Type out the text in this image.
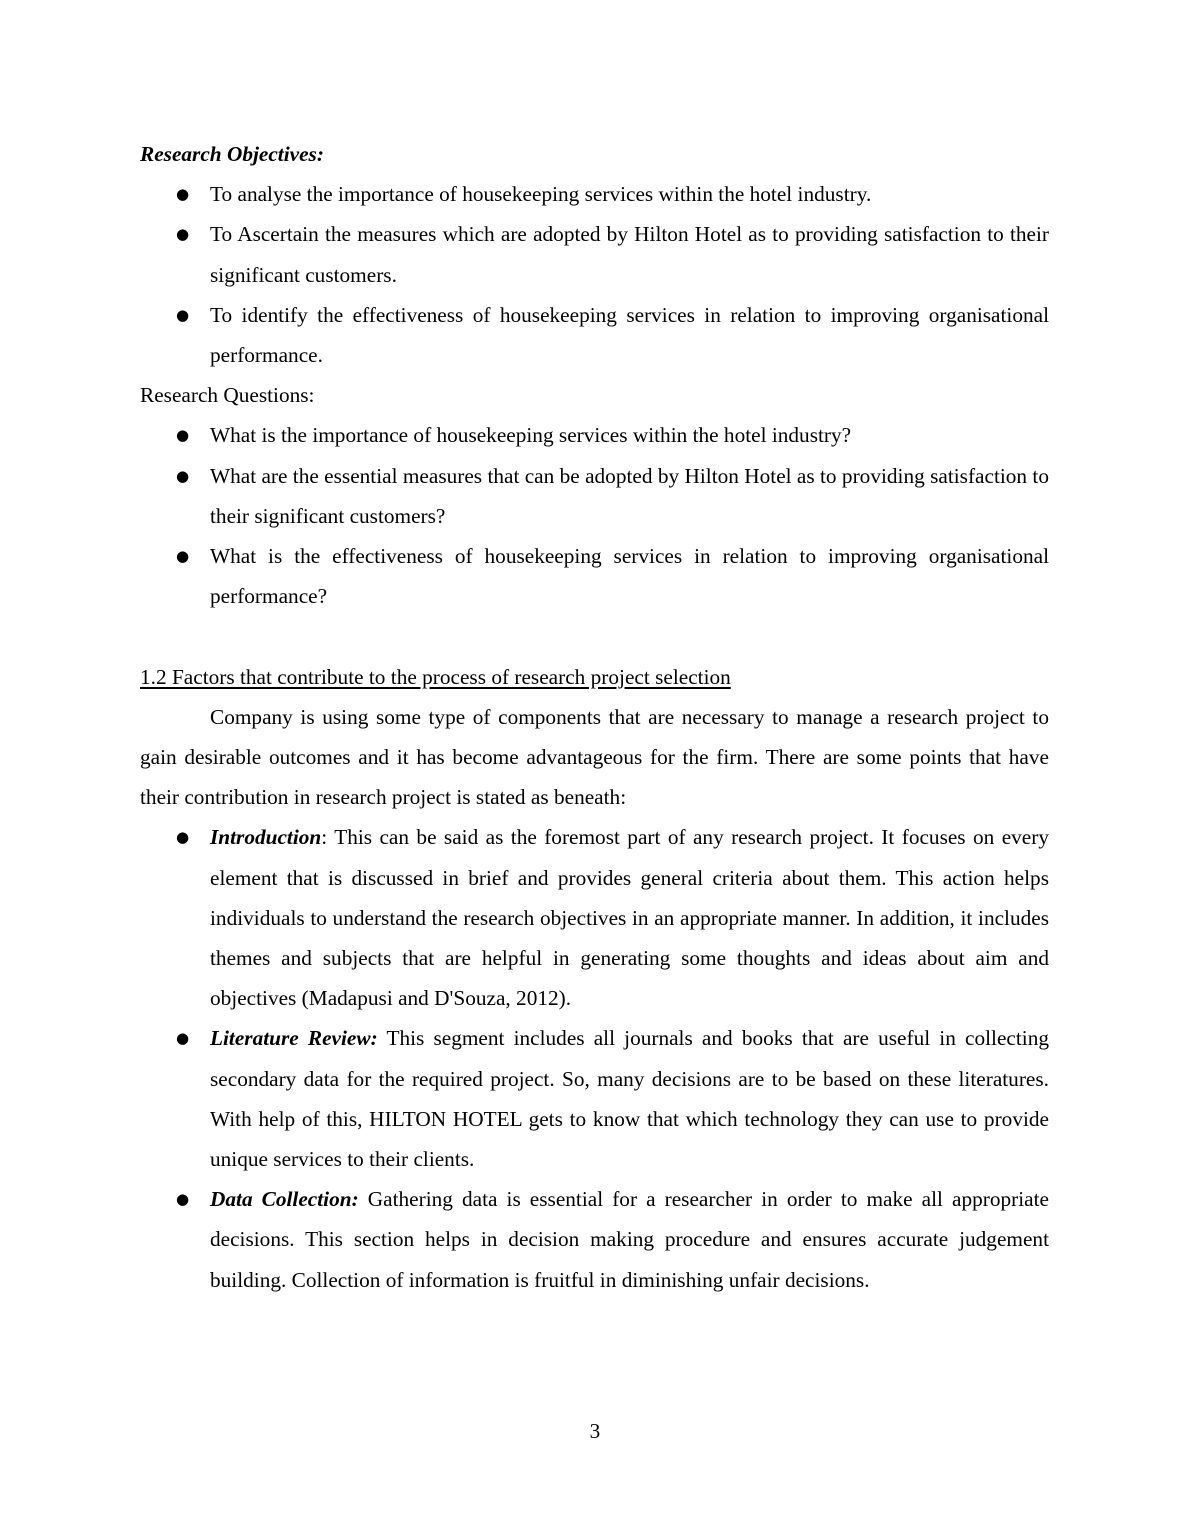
Research Objectives:

● To analyse the importance of housekeeping services within the hotel industry.
● To Ascertain the measures which are adopted by Hilton Hotel as to providing satisfaction to their significant customers.
● To identify the effectiveness of housekeeping services in relation to improving organisational performance.

Research Questions:

● What is the importance of housekeeping services within the hotel industry?
● What are the essential measures that can be adopted by Hilton Hotel as to providing satisfaction to their significant customers?
● What is the effectiveness of housekeeping services in relation to improving organisational performance?

1.2 Factors that contribute to the process of research project selection

Company is using some type of components that are necessary to manage a research project to gain desirable outcomes and it has become advantageous for the firm. There are some points that have their contribution in research project is stated as beneath:

● Introduction: This can be said as the foremost part of any research project. It focuses on every element that is discussed in brief and provides general criteria about them. This action helps individuals to understand the research objectives in an appropriate manner. In addition, it includes themes and subjects that are helpful in generating some thoughts and ideas about aim and objectives (Madapusi and D'Souza, 2012).
● Literature Review: This segment includes all journals and books that are useful in collecting secondary data for the required project. So, many decisions are to be based on these literatures. With help of this, HILTON HOTEL gets to know that which technology they can use to provide unique services to their clients.
● Data Collection: Gathering data is essential for a researcher in order to make all appropriate decisions. This section helps in decision making procedure and ensures accurate judgement building. Collection of information is fruitful in diminishing unfair decisions.
3
